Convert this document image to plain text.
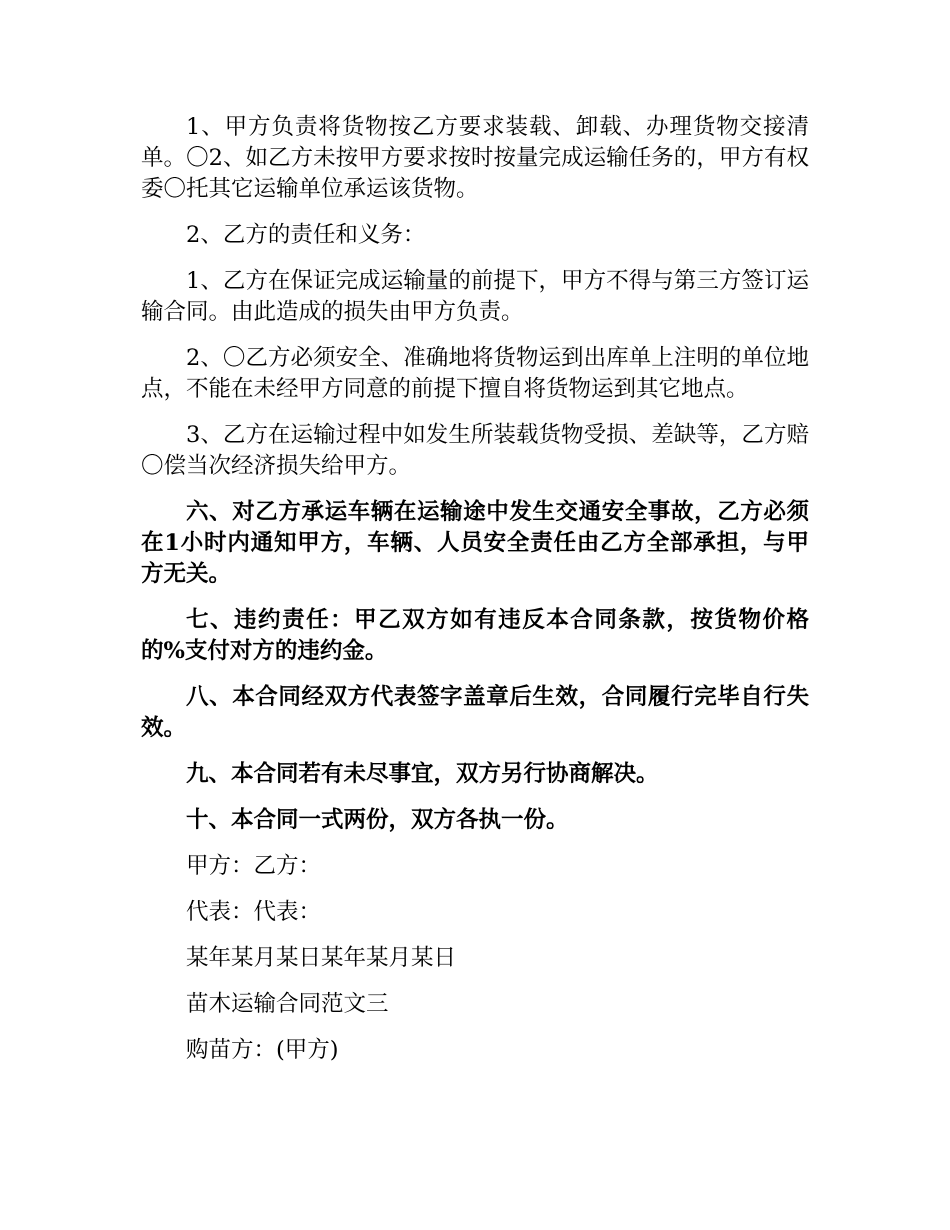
1、甲方负责将货物按乙方要求装载、卸载、办理货物交接清单。〇2、如乙方未按甲方要求按时按量完成运输任务的，甲方有权委〇托其它运输单位承运该货物。

2、乙方的责任和义务：

1、乙方在保证完成运输量的前提下，甲方不得与第三方签订运输合同。由此造成的损失由甲方负责。

2、〇乙方必须安全、准确地将货物运到出库单上注明的单位地点，不能在未经甲方同意的前提下擅自将货物运到其它地点。

3、乙方在运输过程中如发生所装载货物受损、差缺等，乙方赔〇偿当次经济损失给甲方。

六、对乙方承运车辆在运输途中发生交通安全事故，乙方必须在1小时内通知甲方，车辆、人员安全责任由乙方全部承担，与甲方无关。

七、违约责任：甲乙双方如有违反本合同条款，按货物价格的%支付对方的违约金。

八、本合同经双方代表签字盖章后生效，合同履行完毕自行失效。

九、本合同若有未尽事宜，双方另行协商解决。

十、本合同一式两份，双方各执一份。

甲方：乙方：

代表：代表：

某年某月某日某年某月某日

苗木运输合同范文三

购苗方：(甲方)
